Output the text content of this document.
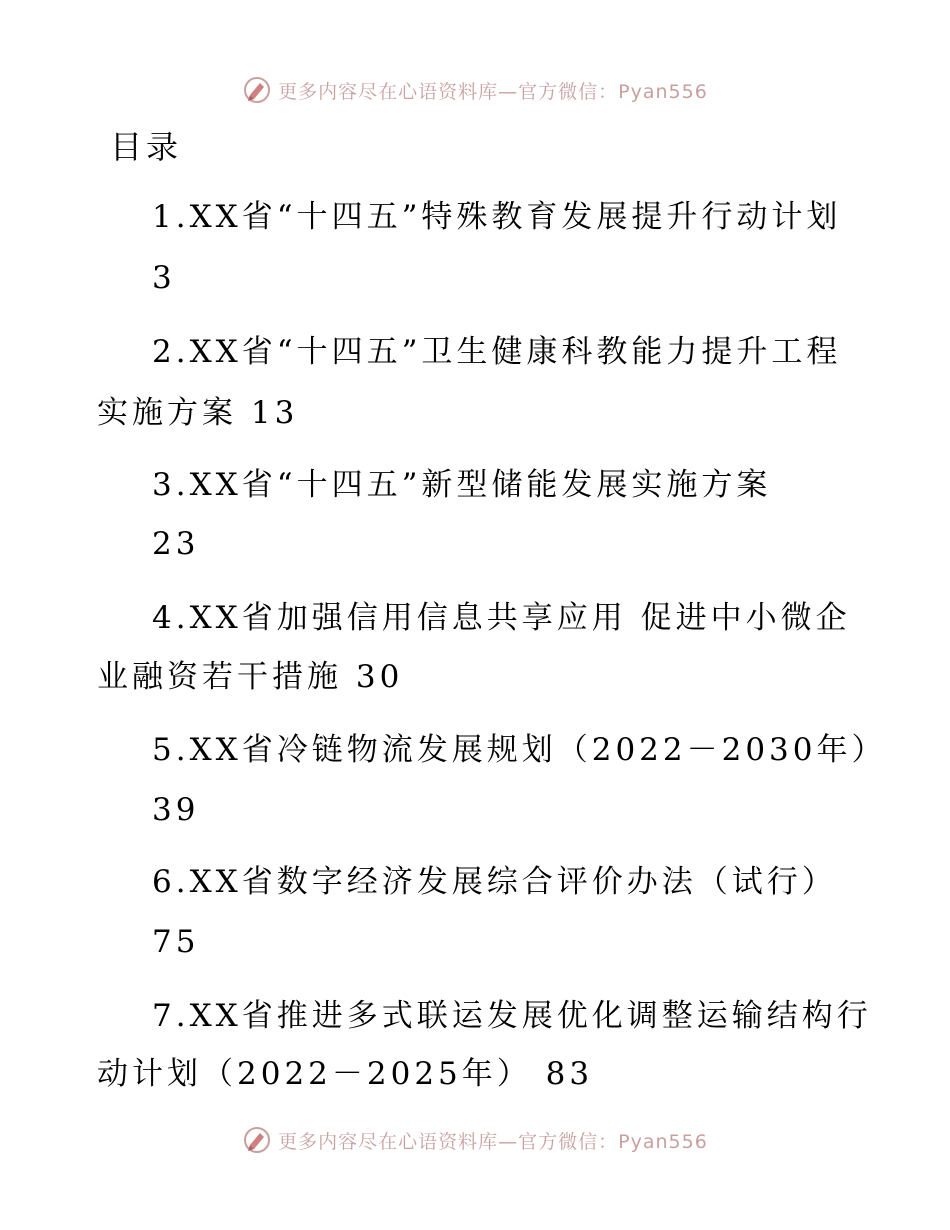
更多内容尽在心语资料库—官方微信：Pyan556
目录
1.XX省“十四五”特殊教育发展提升行动计划
3
2.XX省“十四五”卫生健康科教能力提升工程
实施方案 13
3.XX省“十四五”新型储能发展实施方案
23
4.XX省加强信用信息共享应用 促进中小微企
业融资若干措施 30
5.XX省冷链物流发展规划（2022－2030年）
39
6.XX省数字经济发展综合评价办法（试行）
75
7.XX省推进多式联运发展优化调整运输结构行
动计划（2022－2025年） 83
更多内容尽在心语资料库—官方微信：Pyan556
